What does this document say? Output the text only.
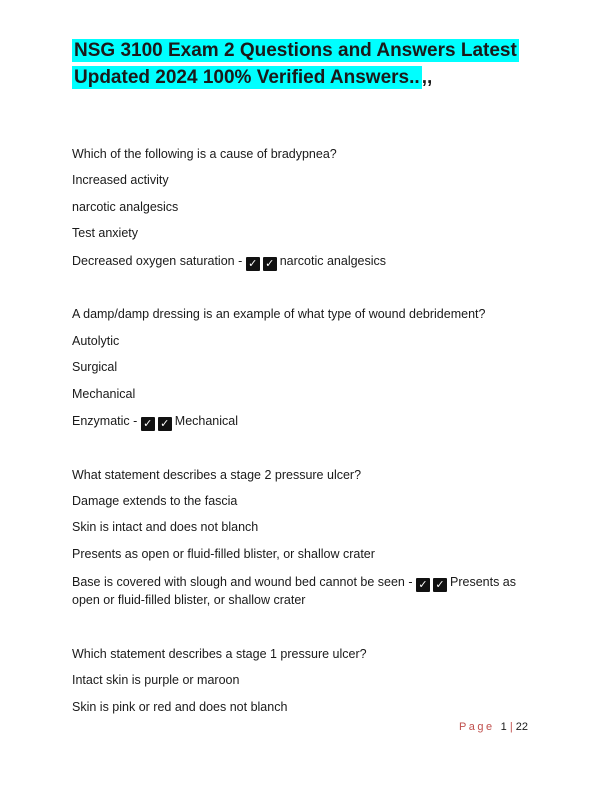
NSG 3100 Exam 2 Questions and Answers Latest
Updated 2024 100% Verified Answers.. ,,
Which of the following is a cause of bradypnea?
Increased activity
narcotic analgesics
Test anxiety
Decreased oxygen saturation - ✓ ✓ narcotic analgesics
A damp/damp dressing is an example of what type of wound debridement?
Autolytic
Surgical
Mechanical
Enzymatic - ✓ ✓ Mechanical
What statement describes a stage 2 pressure ulcer?
Damage extends to the fascia
Skin is intact and does not blanch
Presents as open or fluid-filled blister, or shallow crater
Base is covered with slough and wound bed cannot be seen - ✓ ✓ Presents as open or fluid-filled blister, or shallow crater
Which statement describes a stage 1 pressure ulcer?
Intact skin is purple or maroon
Skin is pink or red and does not blanch
Page 1 | 22
